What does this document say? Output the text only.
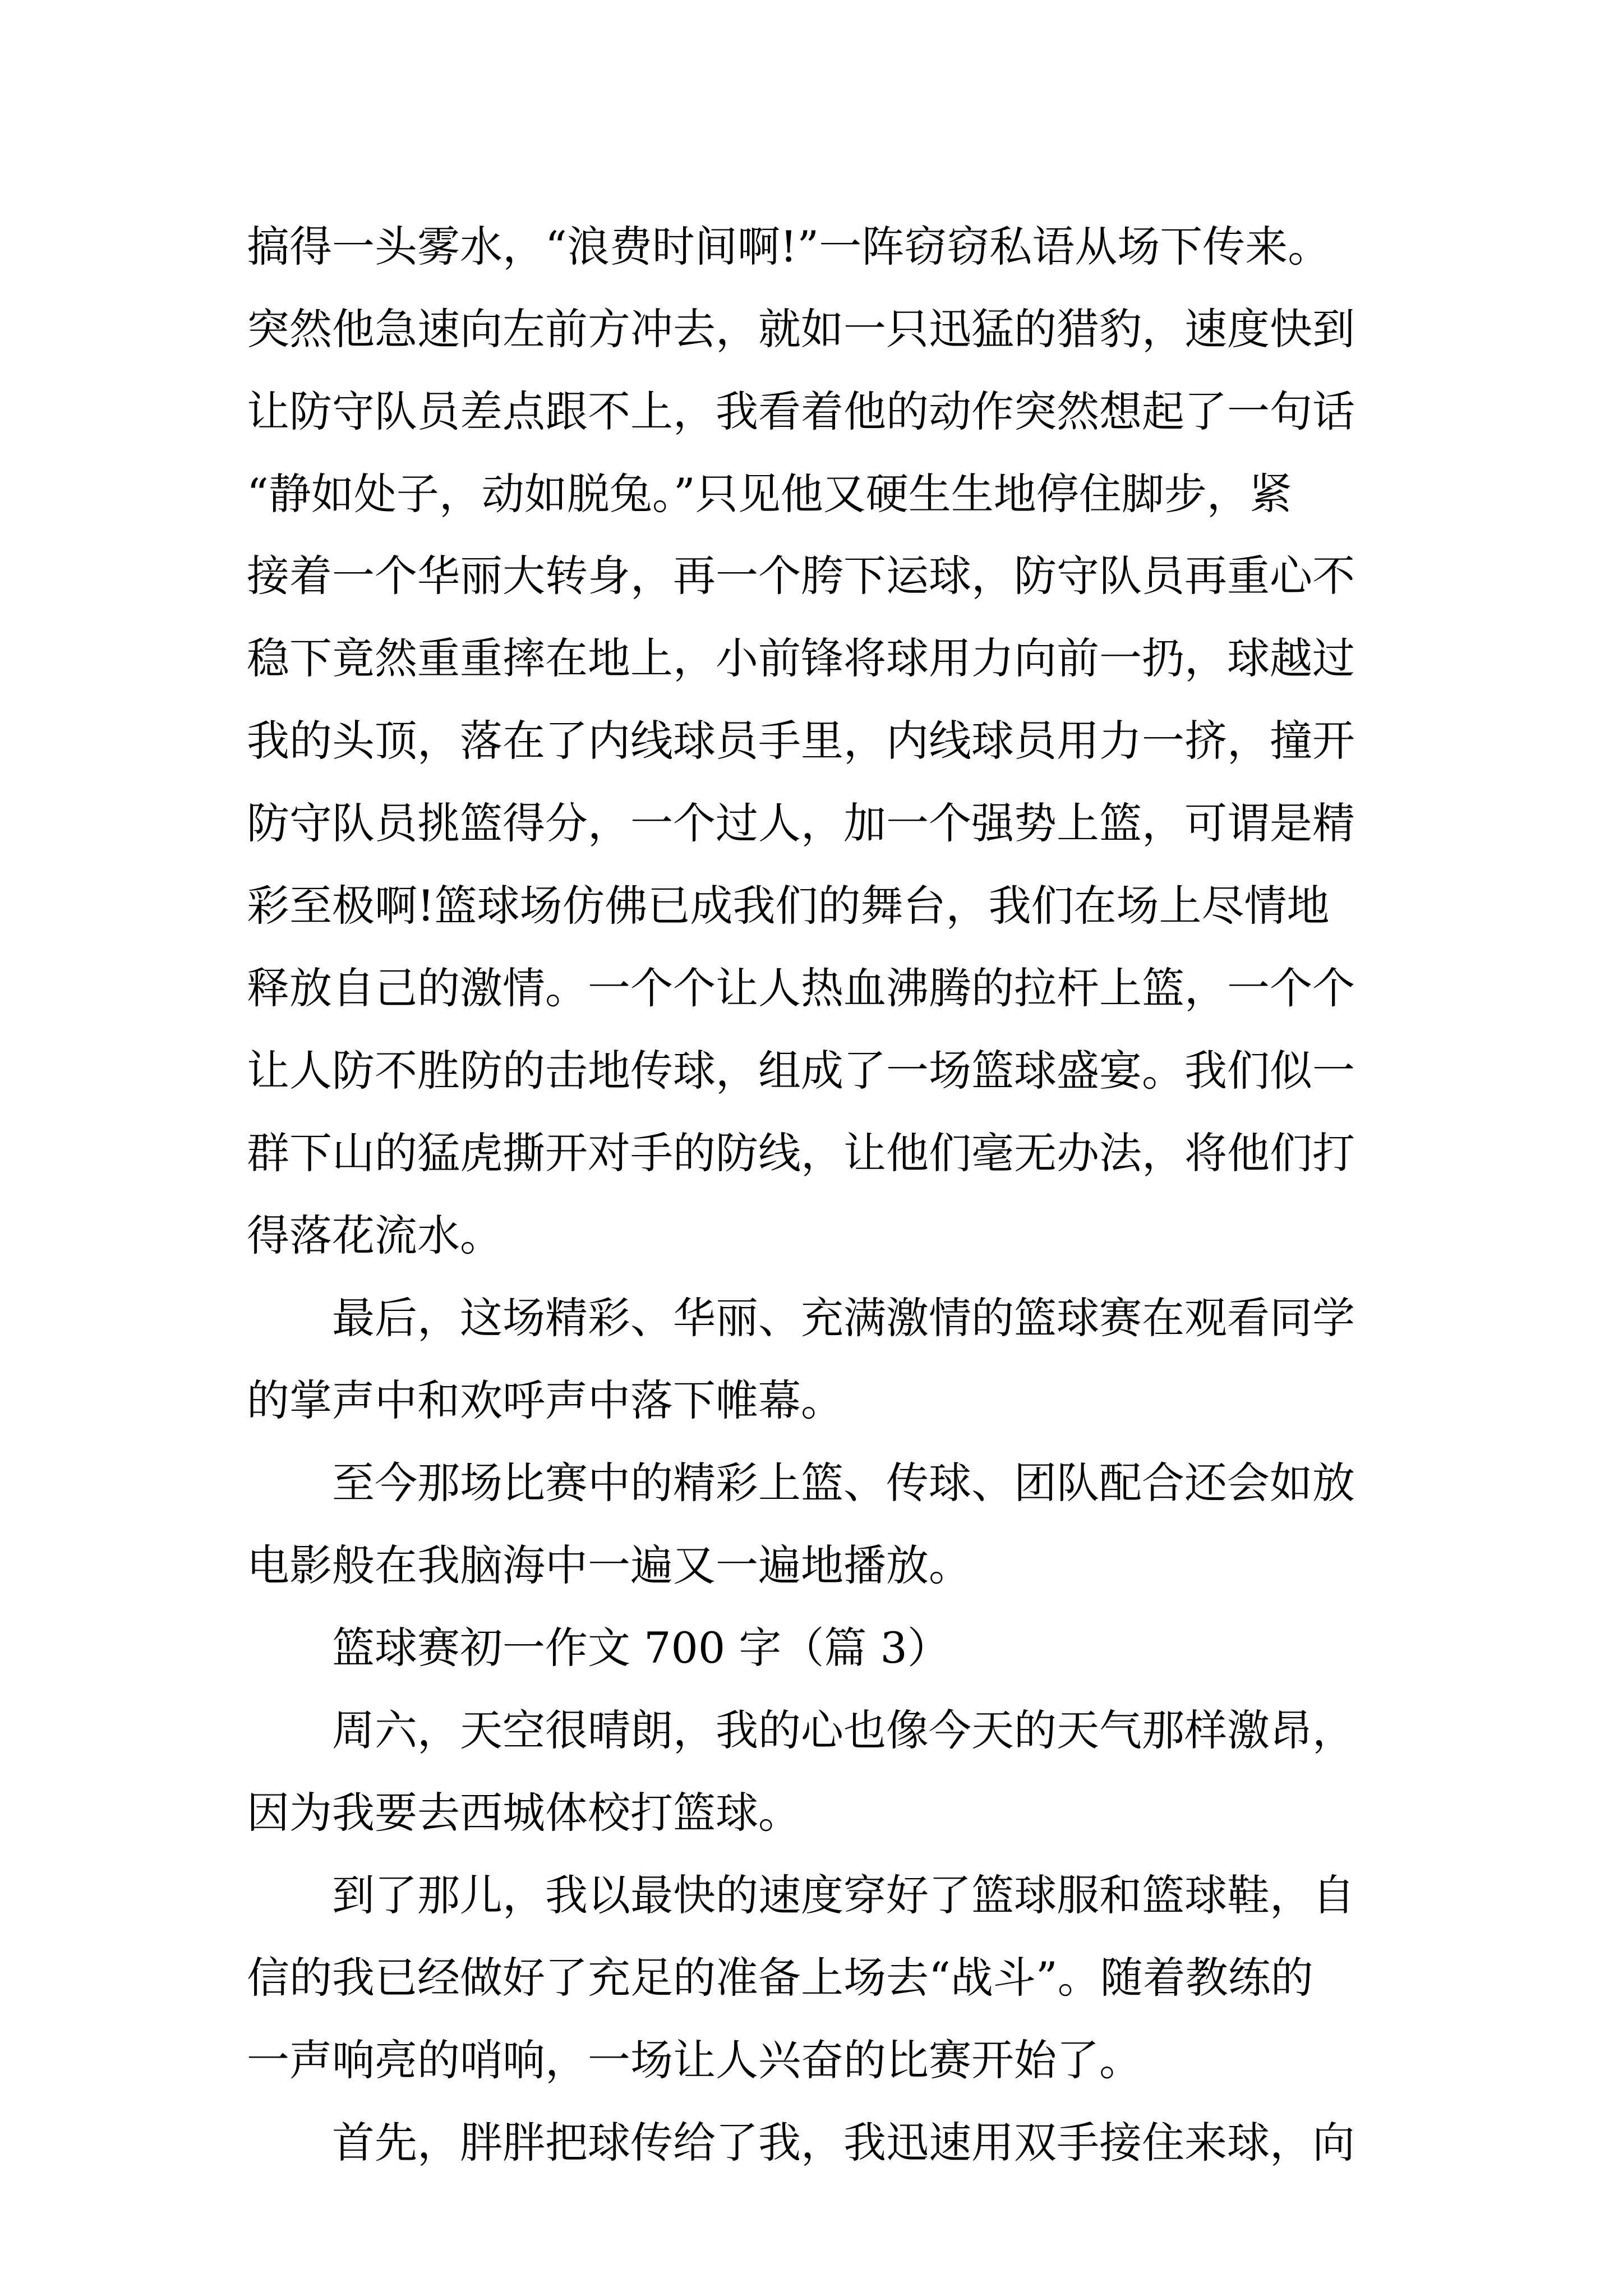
搞得一头雾水，“浪费时间啊!”一阵窃窃私语从场下传来。
突然他急速向左前方冲去，就如一只迅猛的猎豹，速度快到
让防守队员差点跟不上，我看着他的动作突然想起了一句话
“静如处子，动如脱兔。”只见他又硬生生地停住脚步，紧
接着一个华丽大转身，再一个胯下运球，防守队员再重心不
稳下竟然重重摔在地上，小前锋将球用力向前一扔，球越过
我的头顶，落在了内线球员手里，内线球员用力一挤，撞开
防守队员挑篮得分，一个过人，加一个强势上篮，可谓是精
彩至极啊!篮球场仿佛已成我们的舞台，我们在场上尽情地
释放自己的激情。一个个让人热血沸腾的拉杆上篮，一个个
让人防不胜防的击地传球，组成了一场篮球盛宴。我们似一
群下山的猛虎撕开对手的防线，让他们毫无办法，将他们打
得落花流水。
最后，这场精彩、华丽、充满激情的篮球赛在观看同学
的掌声中和欢呼声中落下帷幕。
至今那场比赛中的精彩上篮、传球、团队配合还会如放
电影般在我脑海中一遍又一遍地播放。
篮球赛初一作文 700 字（篇 3）
周六，天空很晴朗，我的心也像今天的天气那样激昂，
因为我要去西城体校打篮球。
到了那儿，我以最快的速度穿好了篮球服和篮球鞋，自
信的我已经做好了充足的准备上场去“战斗”。随着教练的
一声响亮的哨响，一场让人兴奋的比赛开始了。
首先，胖胖把球传给了我，我迅速用双手接住来球，向
